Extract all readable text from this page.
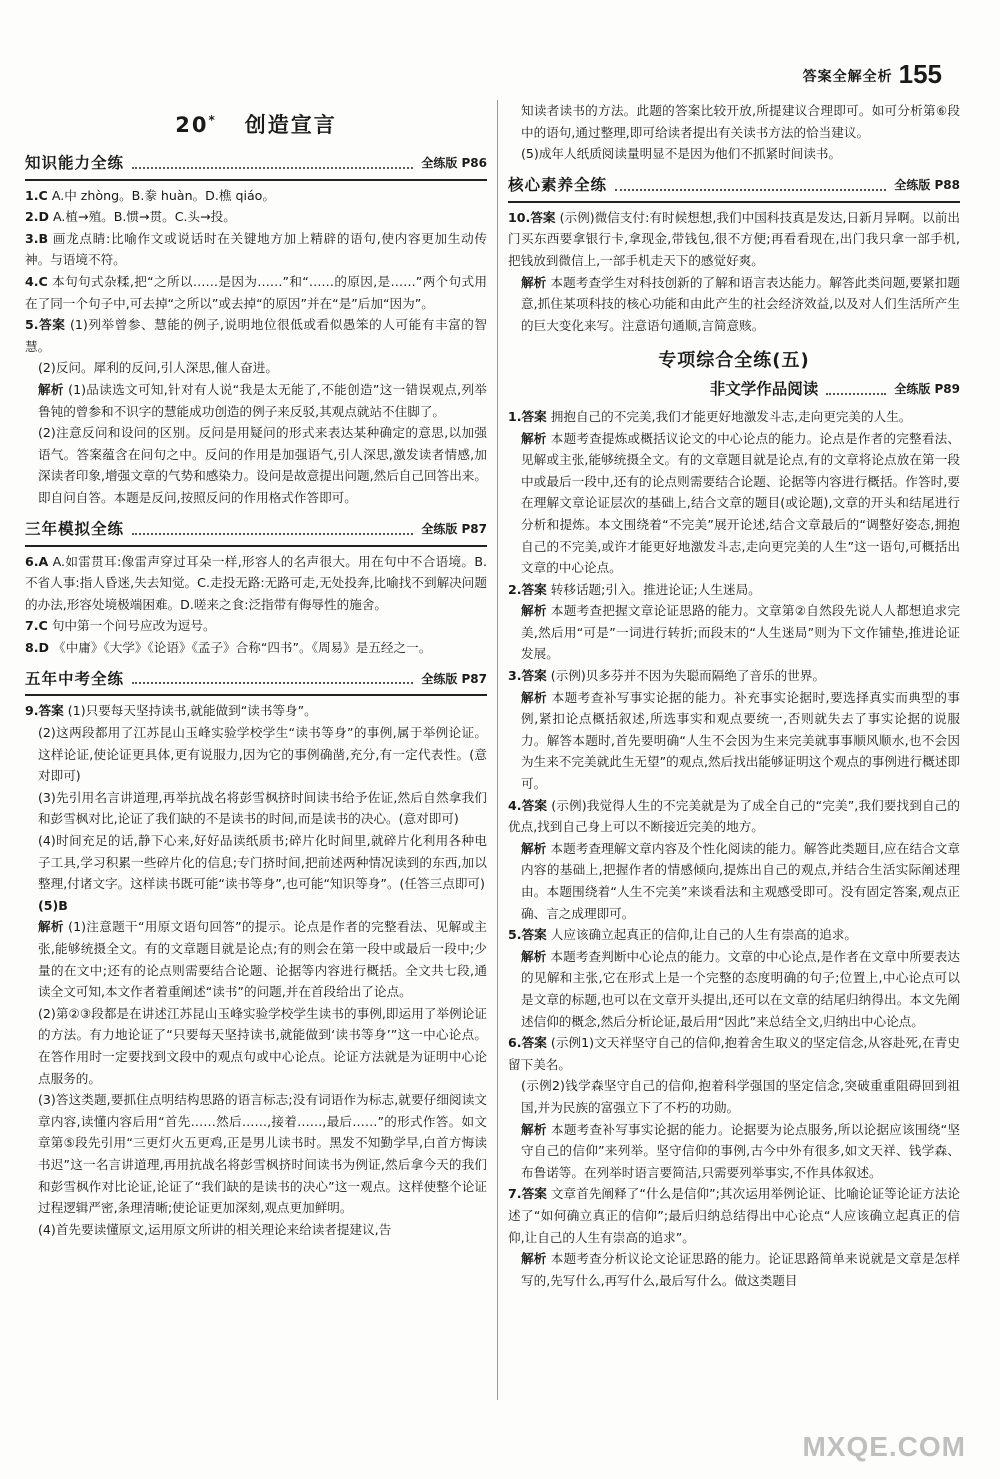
答案全解全析 155
20* 创造宣言
知识能力全练	全练版 P86

1.C A.中 zhòng。B.豢 huàn。D.樵 qiáo。

2.D A.植→殖。B.惯→贯。C.头→投。

3.B 画龙点睛:比喻作文或说话时在关键地方加上精辟的语句,使内容更加生动传神。与语境不符。

4.C 本句句式杂糅,把“之所以……是因为……”和“……的原因,是……”两个句式用在了同一个句子中,可去掉“之所以”或去掉“的原因”并在“是”后加“因为”。

5.答案 (1)列举曾参、慧能的例子,说明地位很低或看似愚笨的人可能有丰富的智慧。

(2)反问。犀利的反问,引人深思,催人奋进。

解析 (1)品读选文可知,针对有人说“我是太无能了,不能创造”这一错误观点,列举鲁钝的曾参和不识字的慧能成功创造的例子来反驳,其观点就站不住脚了。

(2)注意反问和设问的区别。反问是用疑问的形式来表达某种确定的意思,以加强语气。答案蕴含在问句之中。反问的作用是加强语气,引人深思,激发读者情感,加深读者印象,增强文章的气势和感染力。设问是故意提出问题,然后自己回答出来。即自问自答。本题是反问,按照反问的作用格式作答即可。

三年模拟全练	全练版 P87

6.A A.如雷贯耳:像雷声穿过耳朵一样,形容人的名声很大。用在句中不合语境。B.不省人事:指人昏迷,失去知觉。C.走投无路:无路可走,无处投奔,比喻找不到解决问题的办法,形容处境极端困难。D.嗟来之食:泛指带有侮辱性的施舍。

7.C 句中第一个问号应改为逗号。

8.D 《中庸》《大学》《论语》《孟子》合称“四书”。《周易》是五经之一。

五年中考全练	全练版 P87

9.答案 (1)只要每天坚持读书,就能做到“读书等身”。

(2)这两段都用了江苏昆山玉峰实验学校学生“读书等身”的事例,属于举例论证。这样论证,使论证更具体,更有说服力,因为它的事例确凿,充分,有一定代表性。(意对即可)

(3)先引用名言讲道理,再举抗战名将彭雪枫挤时间读书给予佐证,然后自然拿我们和彭雪枫对比,论证了我们缺的不是读书的时间,而是读书的决心。(意对即可)

(4)时间充足的话,静下心来,好好品读纸质书;碎片化时间里,就碎片化利用各种电子工具,学习积累一些碎片化的信息;专门挤时间,把前述两种情况读到的东西,加以整理,付诸文字。这样读书既可能“读书等身”,也可能“知识等身”。(任答三点即可)

(5)B

解析 (1)注意题干“用原文语句回答”的提示。论点是作者的完整看法、见解或主张,能够统摄全文。有的文章题目就是论点;有的则会在第一段中或最后一段中;少量的在文中;还有的论点则需要结合论题、论据等内容进行概括。全文共七段,通读全文可知,本文作者着重阐述“读书”的问题,并在首段给出了论点。

(2)第②③段都是在讲述江苏昆山玉峰实验学校学生读书的事例,即运用了举例论证的方法。有力地论证了“只要每天坚持读书,就能做到‘读书等身’”这一中心论点。在答作用时一定要找到文段中的观点句或中心论点。论证方法就是为证明中心论点服务的。

(3)答这类题,要抓住点明结构思路的语言标志;没有词语作为标志,就要仔细阅读文章内容,读懂内容后用“首先……然后……,接着……,最后……”的形式作答。如文章第⑤段先引用“三更灯火五更鸡,正是男儿读书时。黑发不知勤学早,白首方悔读书迟”这一名言讲道理,再用抗战名将彭雪枫挤时间读书为例证,然后拿今天的我们和彭雪枫作对比论证,论证了“我们缺的是读书的决心”这一观点。这样使整个论证过程逻辑严密,条理清晰;使论证更加深刻,观点更加鲜明。

(4)首先要读懂原文,运用原文所讲的相关理论来给读者提建议,告

知读者读书的方法。此题的答案比较开放,所提建议合理即可。如可分析第⑥段中的语句,通过整理,即可给读者提出有关读书方法的恰当建议。

(5)成年人纸质阅读量明显不是因为他们不抓紧时间读书。

核心素养全练	全练版 P88

10.答案 (示例)微信支付:有时候想想,我们中国科技真是发达,日新月异啊。以前出门买东西要拿银行卡,拿现金,带钱包,很不方便;再看看现在,出门我只拿一部手机,把钱放到微信上,一部手机走天下的感觉好爽。

解析 本题考查学生对科技创新的了解和语言表达能力。解答此类问题,要紧扣题意,抓住某项科技的核心功能和由此产生的社会经济效益,以及对人们生活所产生的巨大变化来写。注意语句通顺,言简意赅。

专项综合全练(五)
非文学作品阅读	全练版 P89

1.答案 拥抱自己的不完美,我们才能更好地激发斗志,走向更完美的人生。

解析 本题考查提炼或概括议论文的中心论点的能力。论点是作者的完整看法、见解或主张,能够统摄全文。有的文章题目就是论点,有的文章将论点放在第一段中或最后一段中,还有的论点则需要结合论题、论据等内容进行概括。作答时,要在理解文章论证层次的基础上,结合文章的题目(或论题),文章的开头和结尾进行分析和提炼。本文围绕着“不完美”展开论述,结合文章最后的“调整好姿态,拥抱自己的不完美,或许才能更好地激发斗志,走向更完美的人生”这一语句,可概括出文章的中心论点。

2.答案 转移话题;引入。推进论证;人生迷局。

解析 本题考查把握文章论证思路的能力。文章第②自然段先说人人都想追求完美,然后用“可是”一词进行转折;而段末的“人生迷局”则为下文作铺垫,推进论证发展。

3.答案 (示例)贝多芬并不因为失聪而隔绝了音乐的世界。

解析 本题考查补写事实论据的能力。补充事实论据时,要选择真实而典型的事例,紧扣论点概括叙述,所选事实和观点要统一,否则就失去了事实论据的说服力。解答本题时,首先要明确“人生不会因为生来完美就事事顺风顺水,也不会因为生来不完美就此生无望”的观点,然后找出能够证明这个观点的事例进行概述即可。

4.答案 (示例)我觉得人生的不完美就是为了成全自己的“完美”,我们要找到自己的优点,找到自己身上可以不断接近完美的地方。

解析 本题考查理解文章内容及个性化阅读的能力。解答此类题目,应在结合文章内容的基础上,把握作者的情感倾向,提炼出自己的观点,并结合生活实际阐述理由。本题围绕着“人生不完美”来谈看法和主观感受即可。没有固定答案,观点正确、言之成理即可。

5.答案 人应该确立起真正的信仰,让自己的人生有崇高的追求。

解析 本题考查判断中心论点的能力。文章的中心论点,是作者在文章中所要表达的见解和主张,它在形式上是一个完整的态度明确的句子;位置上,中心论点可以是文章的标题,也可以在文章开头提出,还可以在文章的结尾归纳得出。本文先阐述信仰的概念,然后分析论证,最后用“因此”来总结全文,归纳出中心论点。

6.答案 (示例1)文天祥坚守自己的信仰,抱着舍生取义的坚定信念,从容赴死,在青史留下美名。

(示例2)钱学森坚守自己的信仰,抱着科学强国的坚定信念,突破重重阻碍回到祖国,并为民族的富强立下了不朽的功勋。

解析 本题考查补写事实论据的能力。论据要为论点服务,所以论据应该围绕“坚守自己的信仰”来列举。坚守信仰的事例,古今中外有很多,如文天祥、钱学森、布鲁诺等。在列举时语言要简洁,只需要列举事实,不作具体叙述。

7.答案 文章首先阐释了“什么是信仰”;其次运用举例论证、比喻论证等论证方法论述了“如何确立真正的信仰”;最后归纳总结得出中心论点“人应该确立起真正的信仰,让自己的人生有崇高的追求”。

解析 本题考查分析议论文论证思路的能力。论证思路简单来说就是文章是怎样写的,先写什么,再写什么,最后写什么。做这类题目

MXQE.COM
